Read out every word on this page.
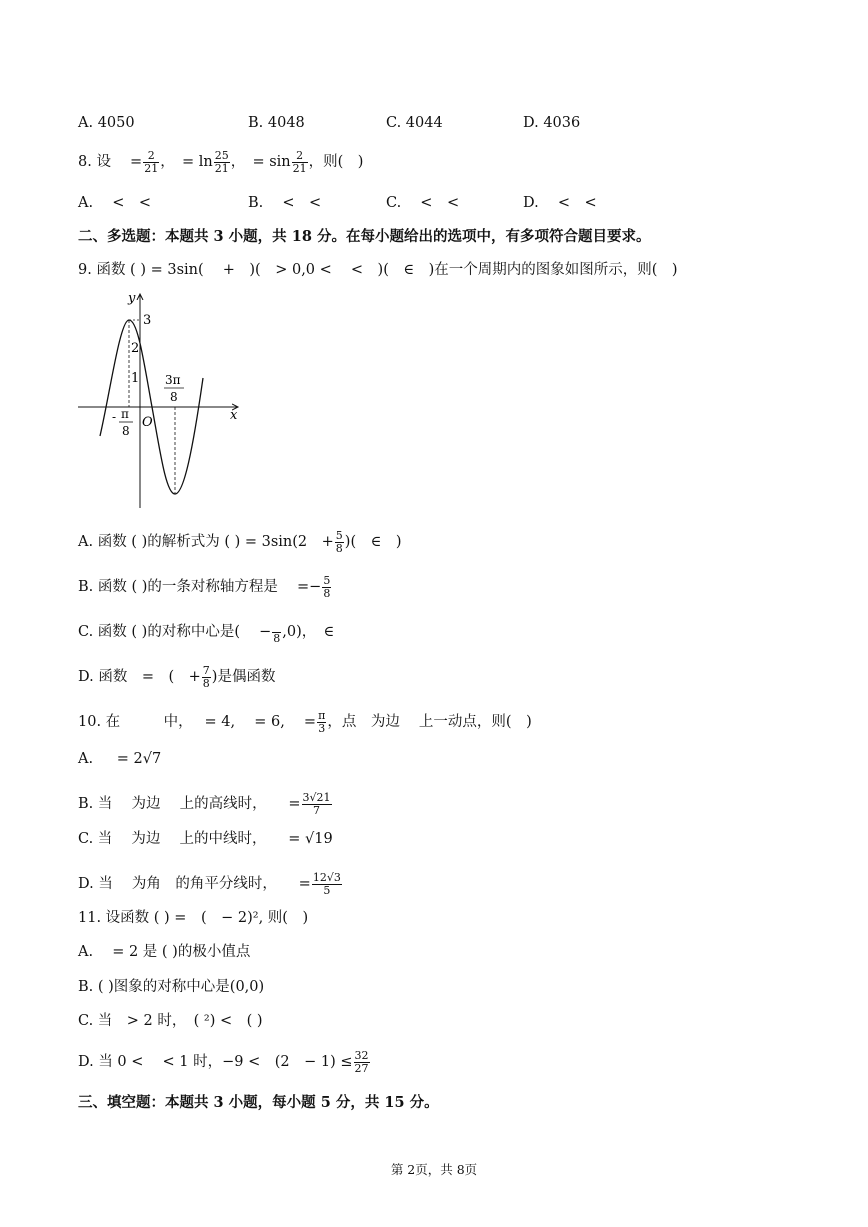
A. 4050	B. 4048	C. 4044	D. 4036
8. 设 　= $\frac{2}{21}$ ，　= $\ln \frac{25}{21}$ ，　= $\sin \frac{2}{21}$ ，则(　)
A. 　<　<	B. 　<　<	C. 　<　<	D. 　<　<
二、多选题：本题共 3 小题，共 18 分。在每小题给出的选项中，有多项符合题目要求。
9. 函数 ( ) = 3sin(　 +　)(　> 0,0 <　 <　)(　∈　)在一个周期内的图象如图所示，则(　)
y
x
O
3
2
1
- π
8
3π
8
A. 函数 ( )的解析式为 ( ) = 3sin(2　+ $\frac{5}{8}$ )(　∈　)
B. 函数 ( )的一条对称轴方程是　 =− $\frac{5}{8}$
C. 函数 ( )的对称中心是(　 −
8 ,0)，　∈
D. 函数　=　(　+ $\frac{7}{8}$ )是偶函数
10. 在　　　中，　 = 4,　 = 6,　 = $\frac{\pi}{3}$ ，点　为边　 上一动点，则(　)
A. 　 = 2√7
B. 当　 为边　 上的高线时，　　= $\frac{3√21}{7}$
C. 当　 为边　 上的中线时，　　= √19
D. 当　 为角　的角平分线时，　　= $\frac{12√3}{5}$
11. 设函数 ( ) =　(　− 2)², 则(　)
A. 　= 2 是 ( )的极小值点
B. ( )图象的对称中心是(0,0)
C. 当　> 2 时，　( ²) <　( )
D. 当 0 <　 < 1 时，−9 <　(2　− $1) \le \frac{32}{27}$
三、填空题：本题共 3 小题，每小题 5 分，共 15 分。
第 2页，共 8页
